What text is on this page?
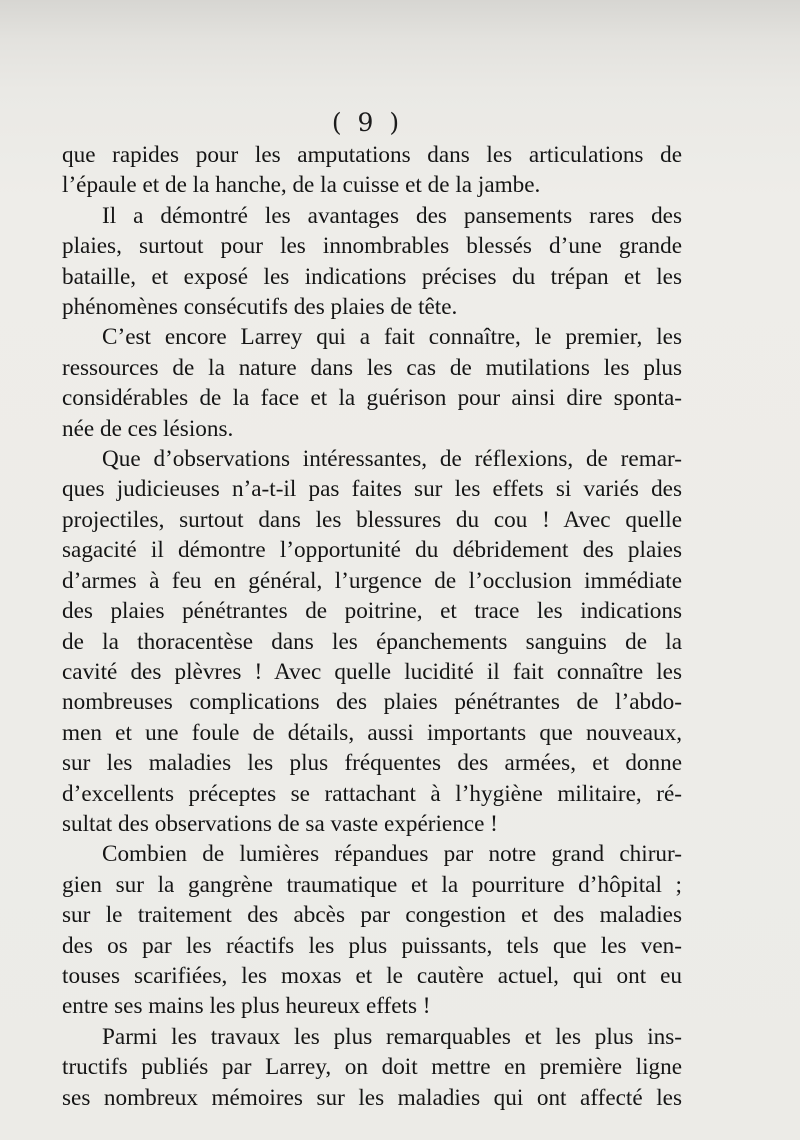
( 9 )

que rapides pour les amputations dans les articulations de
l’épaule et de la hanche, de la cuisse et de la jambe.

Il a démontré les avantages des pansements rares des
plaies, surtout pour les innombrables blessés d’une grande
bataille, et exposé les indications précises du trépan et les
phénomènes consécutifs des plaies de tête.

C’est encore Larrey qui a fait connaître, le premier, les
ressources de la nature dans les cas de mutilations les plus
considérables de la face et la guérison pour ainsi dire sponta-
née de ces lésions.

Que d’observations intéressantes, de réflexions, de remar-
ques judicieuses n’a-t-il pas faites sur les effets si variés des
projectiles, surtout dans les blessures du cou ! Avec quelle
sagacité il démontre l’opportunité du débridement des plaies
d’armes à feu en général, l’urgence de l’occlusion immédiate
des plaies pénétrantes de poitrine, et trace les indications
de la thoracentèse dans les épanchements sanguins de la
cavité des plèvres ! Avec quelle lucidité il fait connaître les
nombreuses complications des plaies pénétrantes de l’abdo-
men et une foule de détails, aussi importants que nouveaux,
sur les maladies les plus fréquentes des armées, et donne
d’excellents préceptes se rattachant à l’hygiène militaire, ré-
sultat des observations de sa vaste expérience !

Combien de lumières répandues par notre grand chirur-
gien sur la gangrène traumatique et la pourriture d’hôpital ;
sur le traitement des abcès par congestion et des maladies
des os par les réactifs les plus puissants, tels que les ven-
touses scarifiées, les moxas et le cautère actuel, qui ont eu
entre ses mains les plus heureux effets !

Parmi les travaux les plus remarquables et les plus ins-
tructifs publiés par Larrey, on doit mettre en première ligne
ses nombreux mémoires sur les maladies qui ont affecté les
